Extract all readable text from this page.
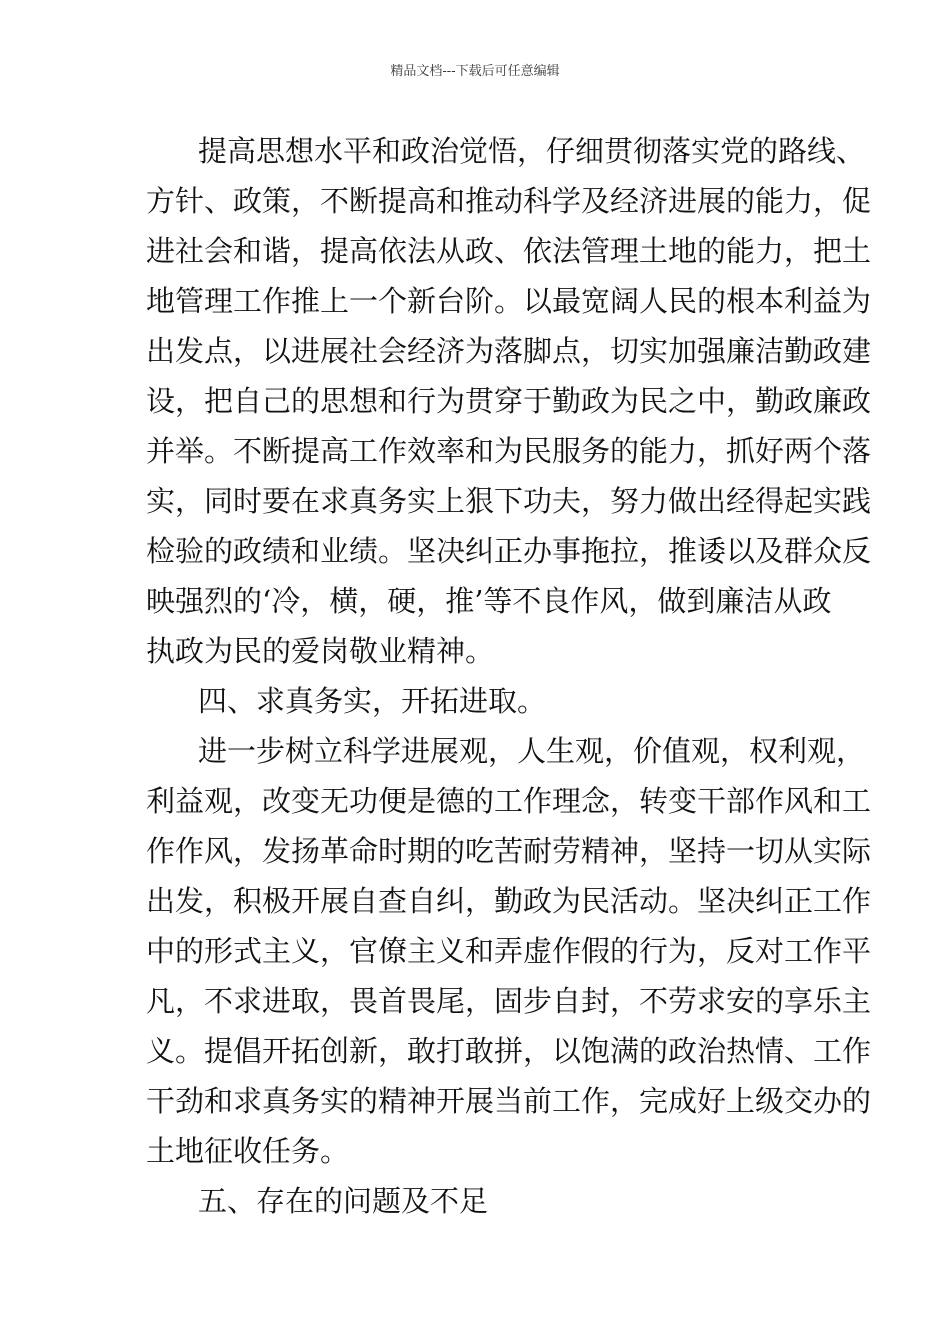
精品文档---下载后可任意编辑
提高思想水平和政治觉悟，仔细贯彻落实党的路线、
方针、政策，不断提高和推动科学及经济进展的能力，促
进社会和谐，提高依法从政、依法管理土地的能力，把土
地管理工作推上一个新台阶。以最宽阔人民的根本利益为
出发点，以进展社会经济为落脚点，切实加强廉洁勤政建
设，把自己的思想和行为贯穿于勤政为民之中，勤政廉政
并举。不断提高工作效率和为民服务的能力，抓好两个落
实，同时要在求真务实上狠下功夫，努力做出经得起实践
检验的政绩和业绩。坚决纠正办事拖拉，推诿以及群众反
映强烈的‘冷，横，硬，推’等不良作风，做到廉洁从政
执政为民的爱岗敬业精神。
四、求真务实，开拓进取。
进一步树立科学进展观，人生观，价值观，权利观，
利益观，改变无功便是德的工作理念，转变干部作风和工
作作风，发扬革命时期的吃苦耐劳精神，坚持一切从实际
出发，积极开展自查自纠，勤政为民活动。坚决纠正工作
中的形式主义，官僚主义和弄虚作假的行为，反对工作平
凡，不求进取，畏首畏尾，固步自封，不劳求安的享乐主
义。提倡开拓创新，敢打敢拼，以饱满的政治热情、工作
干劲和求真务实的精神开展当前工作，完成好上级交办的
土地征收任务。
五、存在的问题及不足
